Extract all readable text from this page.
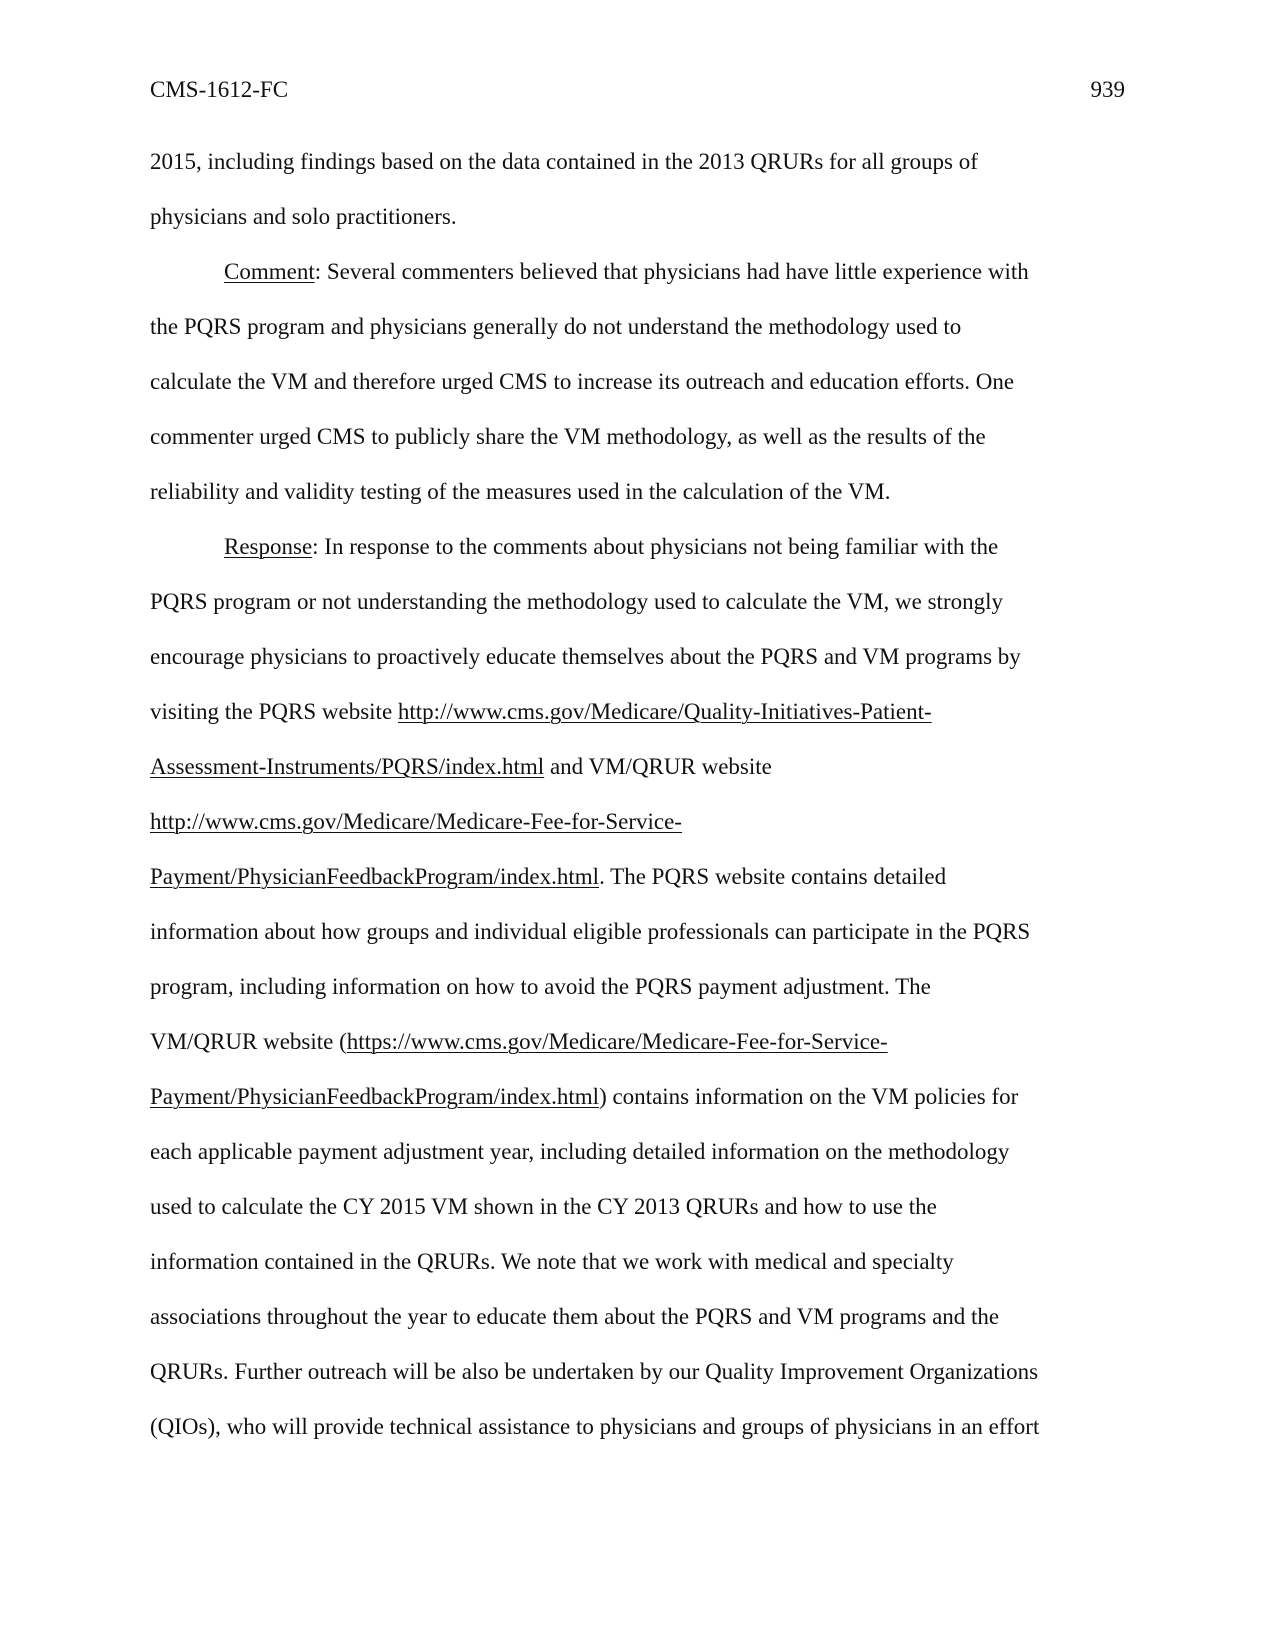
CMS-1612-FC	939
2015, including findings based on the data contained in the 2013 QRURs for all groups of
physicians and solo practitioners.
Comment: Several commenters believed that physicians had have little experience with
the PQRS program and physicians generally do not understand the methodology used to
calculate the VM and therefore urged CMS to increase its outreach and education efforts. One
commenter urged CMS to publicly share the VM methodology, as well as the results of the
reliability and validity testing of the measures used in the calculation of the VM.
Response: In response to the comments about physicians not being familiar with the
PQRS program or not understanding the methodology used to calculate the VM, we strongly
encourage physicians to proactively educate themselves about the PQRS and VM programs by
visiting the PQRS website http://www.cms.gov/Medicare/Quality-Initiatives-Patient-
Assessment-Instruments/PQRS/index.html and VM/QRUR website
http://www.cms.gov/Medicare/Medicare-Fee-for-Service-
Payment/PhysicianFeedbackProgram/index.html. The PQRS website contains detailed
information about how groups and individual eligible professionals can participate in the PQRS
program, including information on how to avoid the PQRS payment adjustment. The
VM/QRUR website (https://www.cms.gov/Medicare/Medicare-Fee-for-Service-
Payment/PhysicianFeedbackProgram/index.html) contains information on the VM policies for
each applicable payment adjustment year, including detailed information on the methodology
used to calculate the CY 2015 VM shown in the CY 2013 QRURs and how to use the
information contained in the QRURs. We note that we work with medical and specialty
associations throughout the year to educate them about the PQRS and VM programs and the
QRURs. Further outreach will be also be undertaken by our Quality Improvement Organizations
(QIOs), who will provide technical assistance to physicians and groups of physicians in an effort
